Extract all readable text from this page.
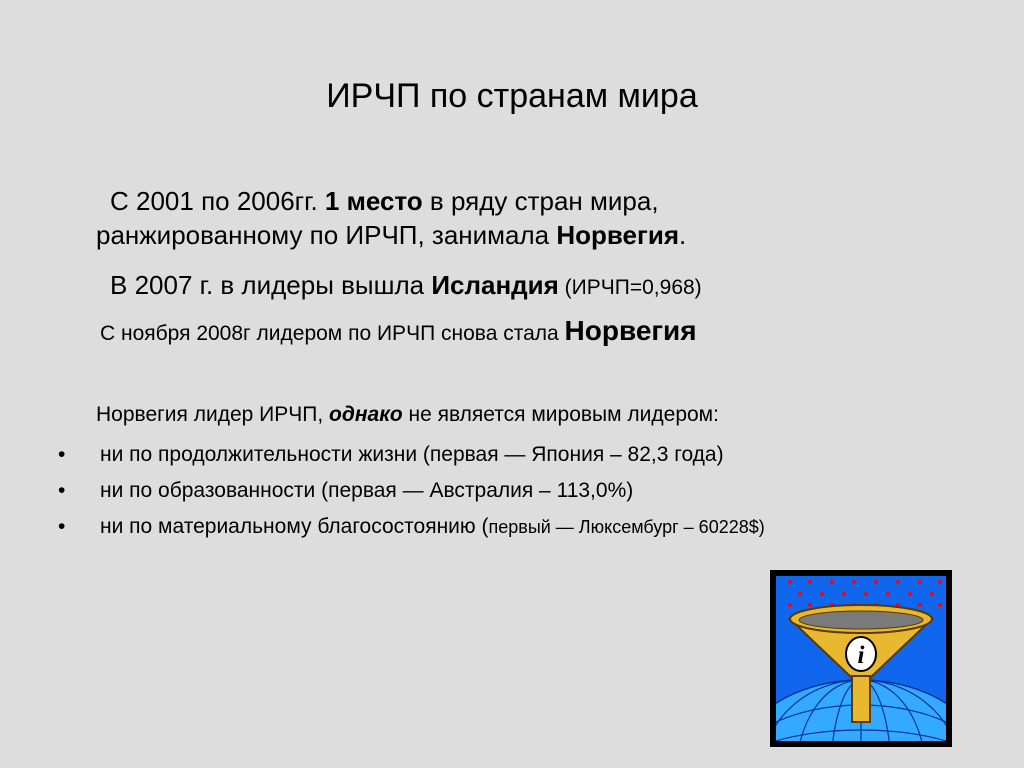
ИРЧП по странам мира
С 2001 по 2006гг. 1 место в ряду стран мира,
ранжированному по ИРЧП, занимала Норвегия.
В 2007 г. в лидеры вышла Исландия (ИРЧП=0,968)
С ноября 2008г лидером по ИРЧП снова стала Норвегия
Норвегия лидер ИРЧП, однако не является мировым лидером:
• ни по продолжительности жизни (первая — Япония – 82,3 года)
• ни по образованности (первая — Австралия – 113,0%)
• ни по материальному благосостоянию (первый — Люксембург – 60228$)
i
